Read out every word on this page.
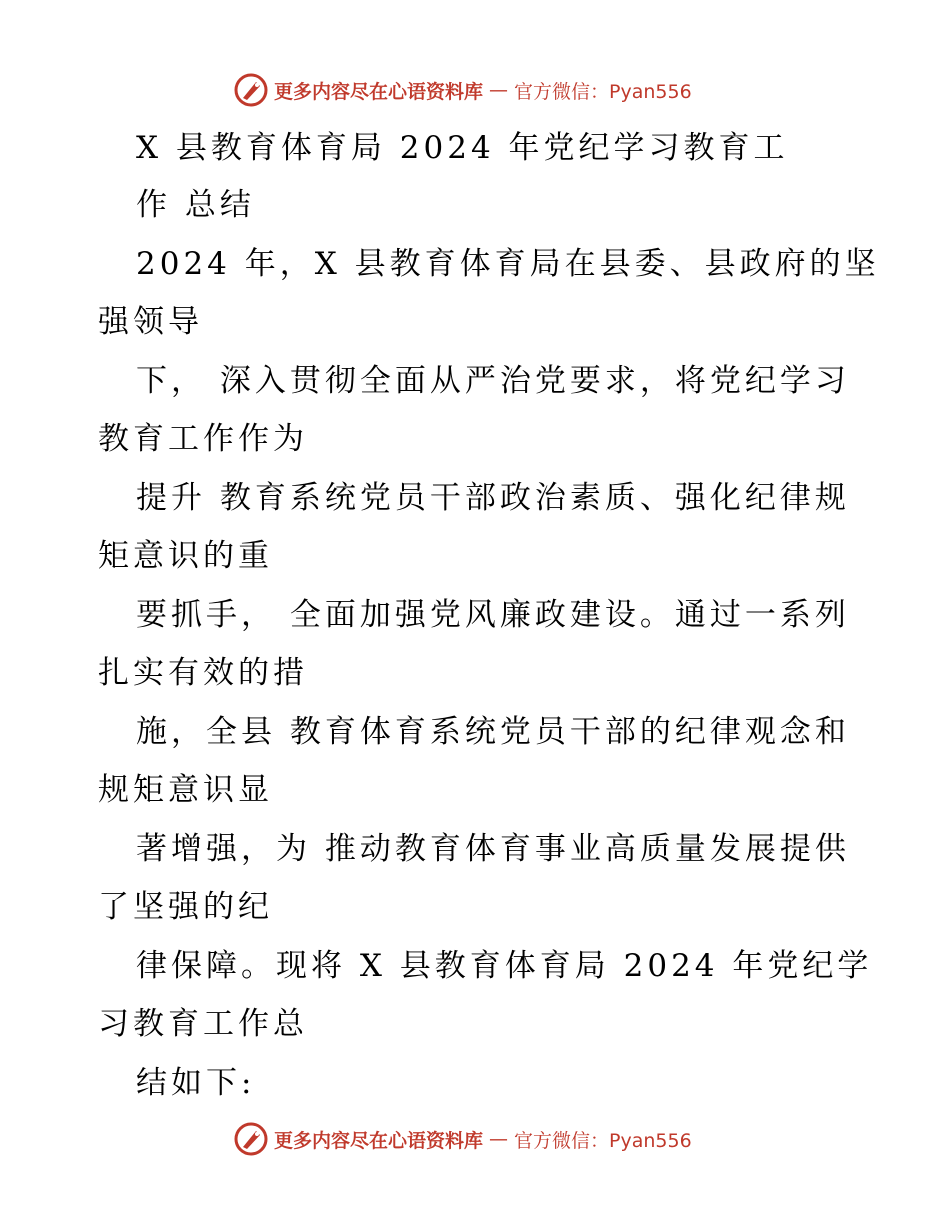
更多内容尽在心语资料库 — 官方微信：Pyan556
X 县教育体育局 2024 年党纪学习教育工
作 总结
2024 年，X 县教育体育局在县委、县政府的坚
强领导
下， 深入贯彻全面从严治党要求，将党纪学习
教育工作作为
提升 教育系统党员干部政治素质、强化纪律规
矩意识的重
要抓手， 全面加强党风廉政建设。通过一系列
扎实有效的措
施，全县 教育体育系统党员干部的纪律观念和
规矩意识显
著增强，为 推动教育体育事业高质量发展提供
了坚强的纪
律保障。现将 X 县教育体育局 2024 年党纪学
习教育工作总
结如下:
更多内容尽在心语资料库 — 官方微信：Pyan556
